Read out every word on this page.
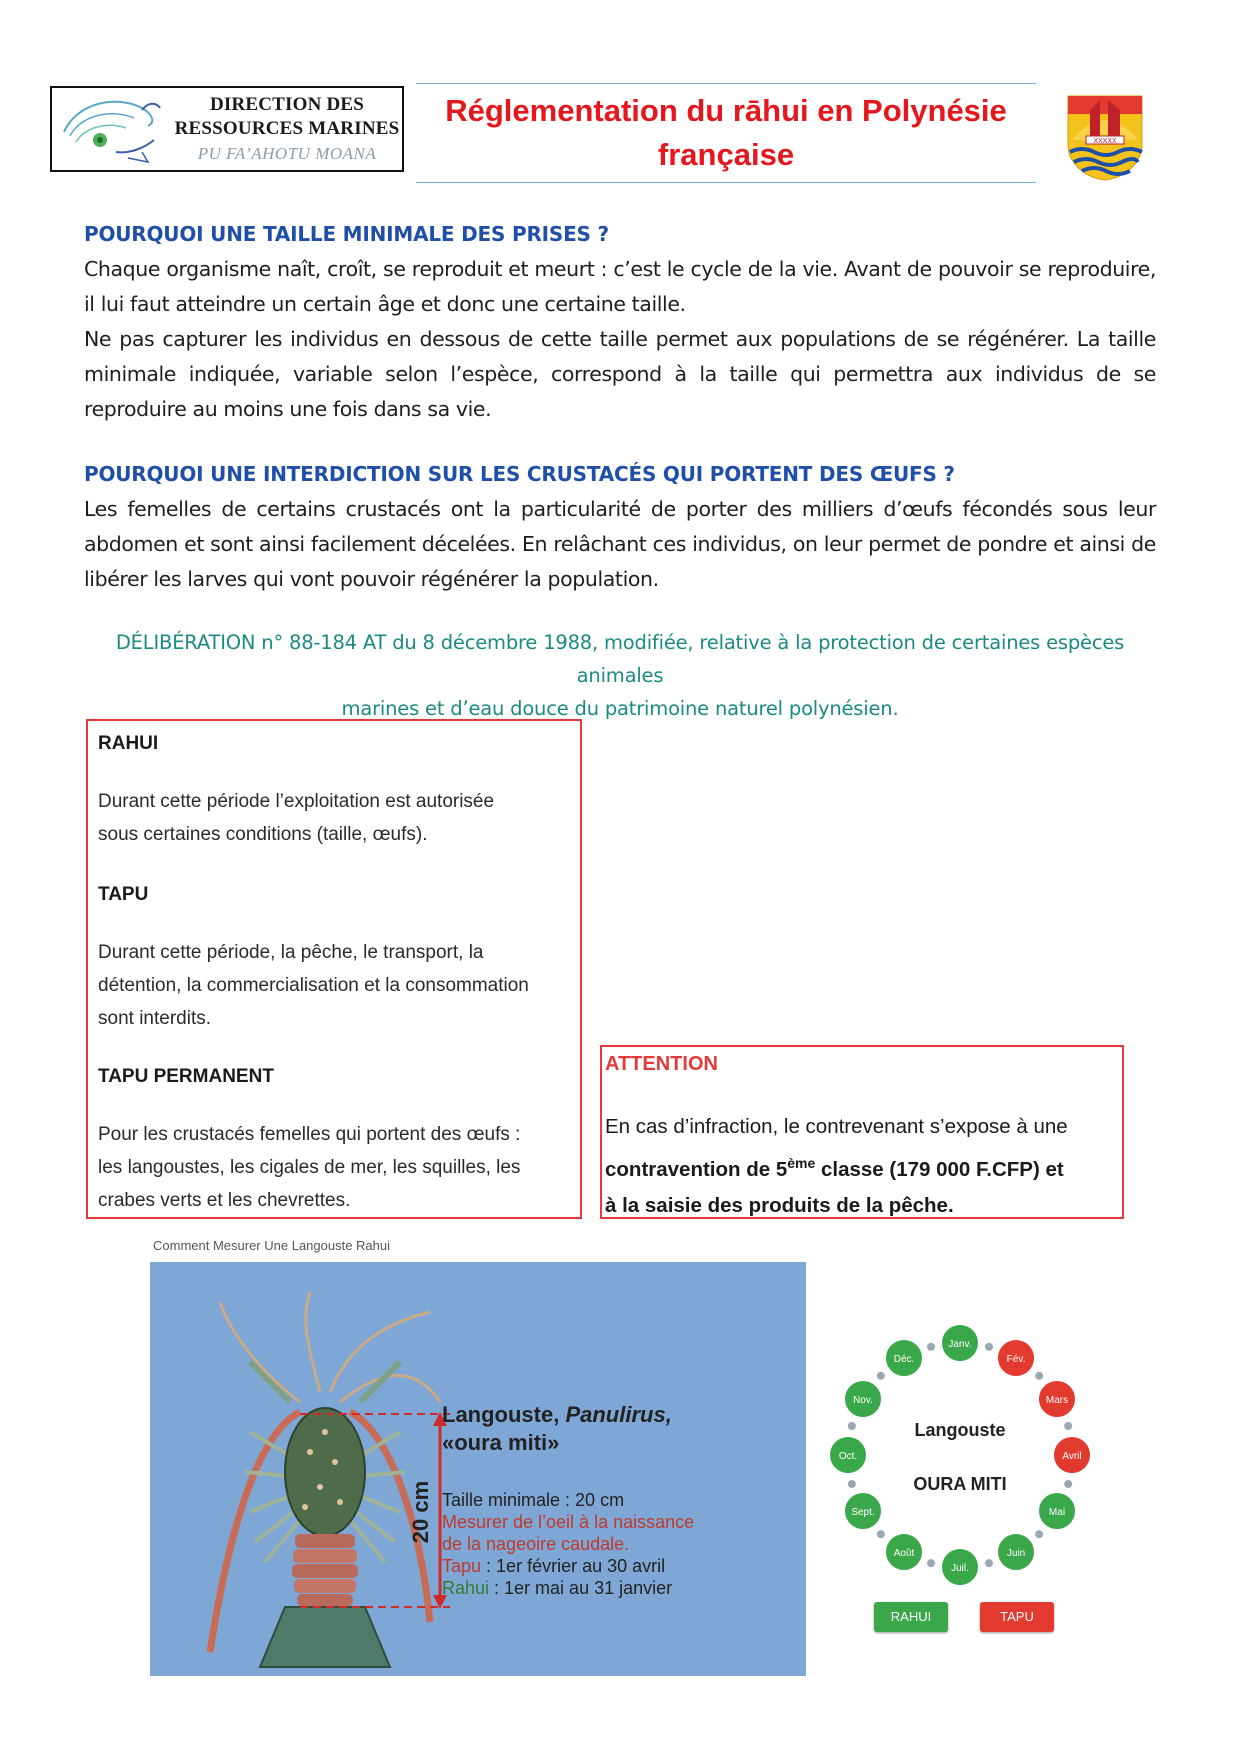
DIRECTION DES
RESSOURCES MARINES
PU FA’AHOTU MOANA
Réglementation du rāhui en Polynésie
française	XXXXX
POURQUOI UNE TAILLE MINIMALE DES PRISES ?

Chaque organisme naît, croît, se reproduit et meurt : c’est le cycle de la vie. Avant de pouvoir se reproduire, il lui faut atteindre un certain âge et donc une certaine taille.

Ne pas capturer les individus en dessous de cette taille permet aux populations de se régénérer. La taille minimale indiquée, variable selon l’espèce, correspond à la taille qui permettra aux individus de se reproduire au moins une fois dans sa vie.

POURQUOI UNE INTERDICTION SUR LES CRUSTACÉS QUI PORTENT DES ŒUFS ?

Les femelles de certains crustacés ont la particularité de porter des milliers d’œufs fécondés sous leur abdomen et sont ainsi facilement décelées. En relâchant ces individus, on leur permet de pondre et ainsi de libérer les larves qui vont pouvoir régénérer la population.

DÉLIBÉRATION n° 88-184 AT du 8 décembre 1988, modifiée, relative à la protection de certaines espèces animales
marines et d’eau douce du patrimoine naturel polynésien.
RAHUI
Durant cette période l’exploitation est autorisée
sous certaines conditions (taille, œufs).
TAPU
Durant cette période, la pêche, le transport, la
détention, la commercialisation et la consommation
sont interdits.
TAPU PERMANENT
Pour les crustacés femelles qui portent des œufs :
les langoustes, les cigales de mer, les squilles, les
crabes verts et les chevrettes.
ATTENTION
En cas d’infraction, le contrevenant s’expose à une
contravention de 5ème classe (179 000 F.CFP) et
à la saisie des produits de la pêche.
Comment Mesurer Une Langouste Rahui
20 cm
Langouste, Panulirus,
«oura miti»
Taille minimale : 20 cm
Mesurer de l’oeil à la naissance
de la nageoire caudale.
Tapu : 1er février au 30 avril
Rahui : 1er mai au 31 janvier
Janv.
Fév.
Mars
Avril
Mai
Juin
Juil.
Août
Sept.
Oct.
Nov.
Déc.
Langouste
OURA MITI
RAHUI	TAPU
